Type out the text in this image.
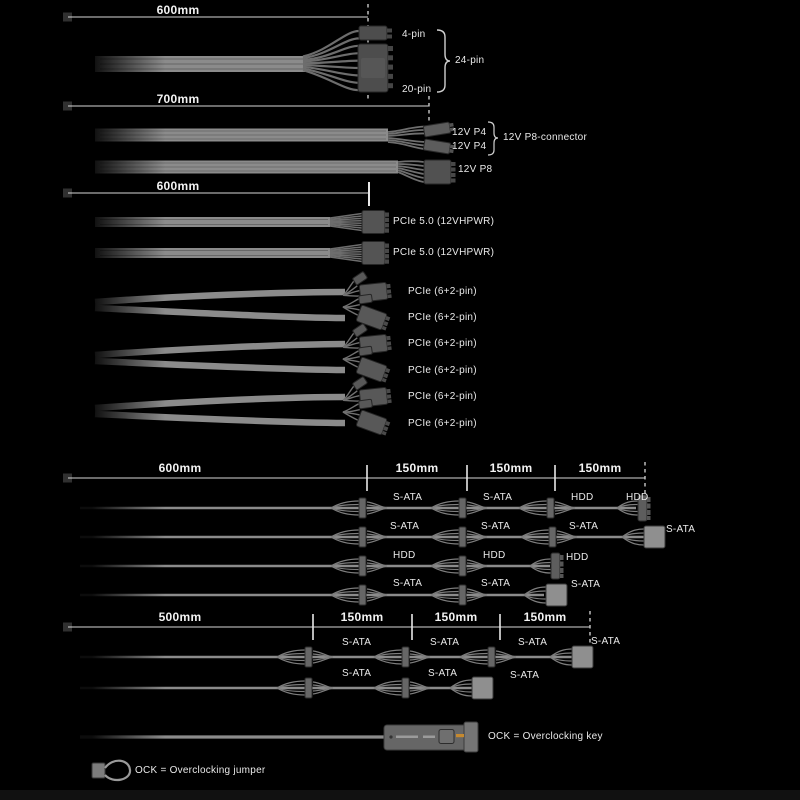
600mm
700mm
600mm
600mm	150mm	150mm	150mm
500mm	150mm	150mm	150mm
4-pin
20-pin
24-pin
12V P4
12V P4
12V P8-connector
12V P8
PCIe 5.0 (12VHPWR)
PCIe 5.0 (12VHPWR)
PCIe (6+2-pin)
PCIe (6+2-pin)
PCIe (6+2-pin)
PCIe (6+2-pin)
PCIe (6+2-pin)
PCIe (6+2-pin)
S-ATA	S-ATA	HDD	HDD
S-ATA	S-ATA	S-ATA	S-ATA
HDD	HDD	HDD
S-ATA	S-ATA	S-ATA
S-ATA	S-ATA	S-ATA	S-ATA
S-ATA	S-ATA	S-ATA
OCK = Overclocking key
OCK = Overclocking jumper
